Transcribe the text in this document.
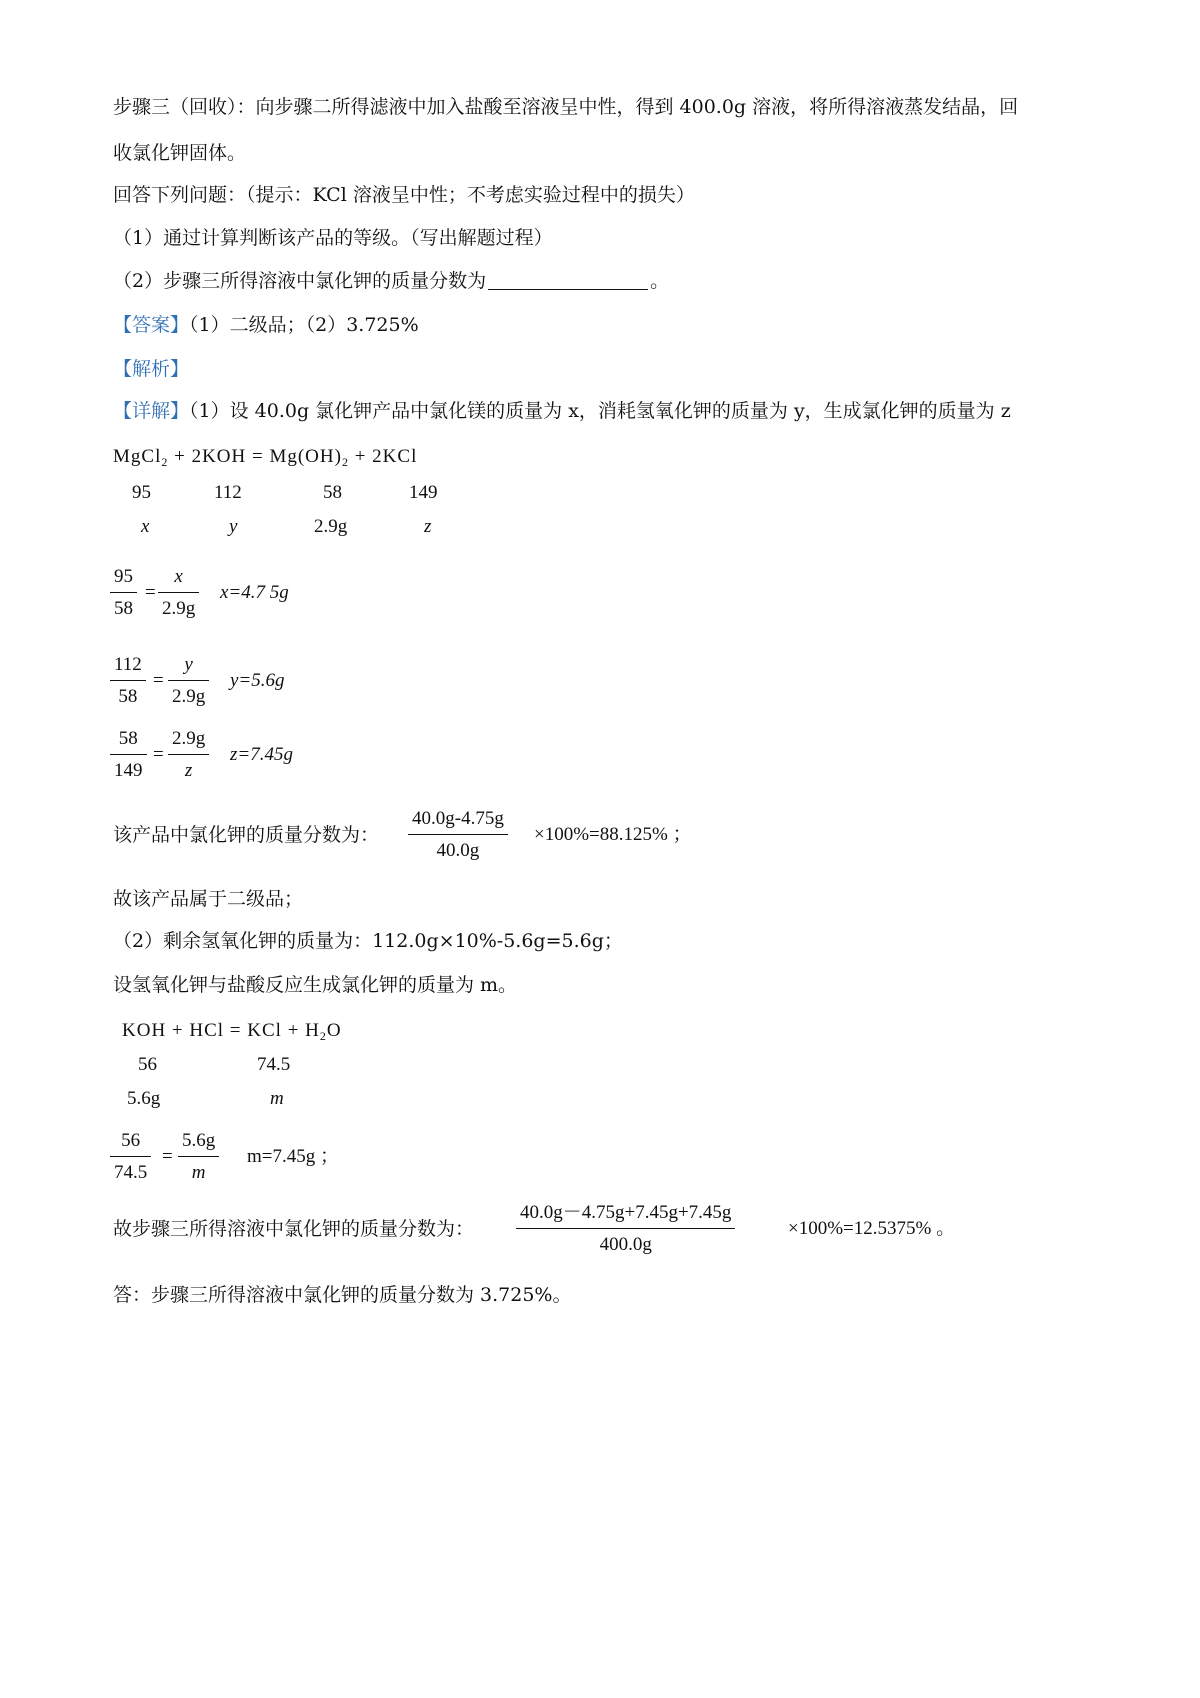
步骤三（回收）：向步骤二所得滤液中加入盐酸至溶液呈中性，得到 400.0g 溶液，将所得溶液蒸发结晶，回
收氯化钾固体。
回答下列问题：（提示：KCl 溶液呈中性；不考虑实验过程中的损失）
（1）通过计算判断该产品的等级。（写出解题过程）
（2）步骤三所得溶液中氯化钾的质量分数为	。
【答案】（1）二级品；（2）3.725%
【解析】
【详解】（1）设 40.0g 氯化钾产品中氯化镁的质量为 x，消耗氢氧化钾的质量为 y，生成氯化钾的质量为 z
MgCl$_2$ + $2KOH = Mg(OH)_2 + 2KCl$
95	112	58	149
x	y	2.9g	z
$\frac{95}{58} = \frac{x}{2.9g} x=4.7$ 5g
$\frac{112}{58} = \frac{y}{2.9g} y=5.6g$
$\frac{58}{149} = \frac{2.9g}{z} z=7.45g$
该产品中氯化钾的质量分数为： $\frac{40.0g-4.75g}{40.0g} \times 100\%=88.125\%$ ；
故该产品属于二级品；
（2）剩余氢氧化钾的质量为：112.0g×10%-5.6g=5.6g；
设氢氧化钾与盐酸反应生成氯化钾的质量为 m。
KOH + HCl = KCl + $H_2O$
56	74.5
5.6g	m
$\frac{56}{74.5} = \frac{5.6g}{m} m=7.45g$ ；
故步骤三所得溶液中氯化钾的质量分数为： $\frac{40.0g-4.75g+7.45g+7.45g}{400.0g}$	×100%=12.5375% 。
答：步骤三所得溶液中氯化钾的质量分数为 3.725%。
